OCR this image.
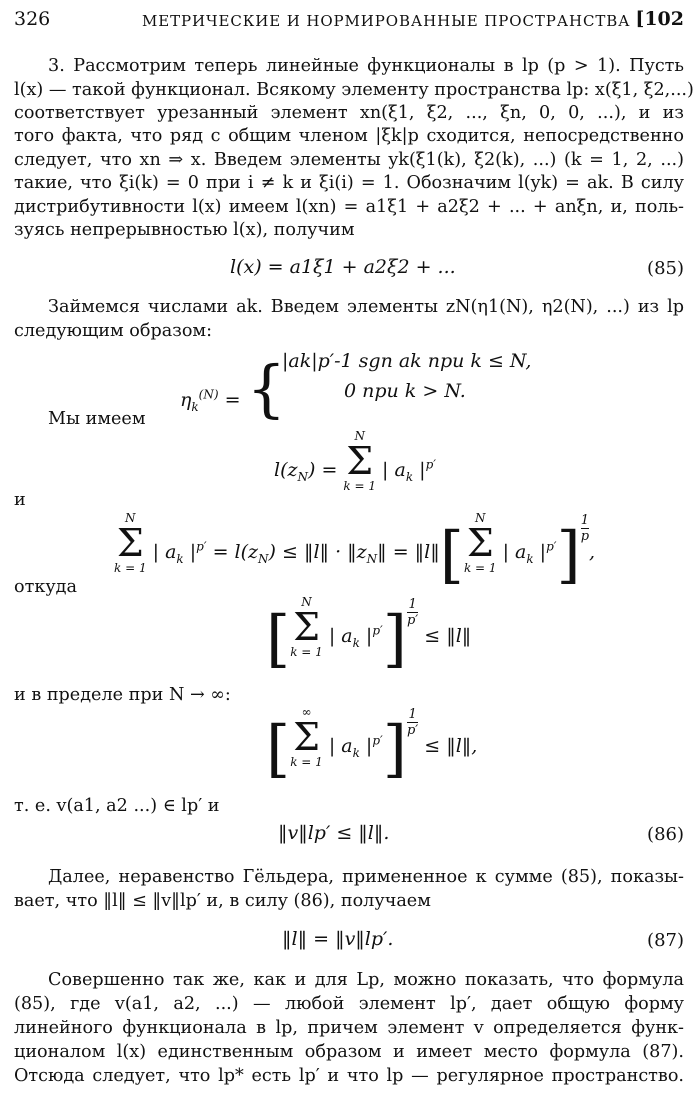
326	МЕТРИЧЕСКИЕ И НОРМИРОВАННЫЕ ПРОСТРАНСТВА [102
3. Рассмотрим теперь линейные функционалы в lp (p > 1). Пусть
l(x) — такой функционал. Всякому элементу пространства lp: x(ξ1, ξ2,...)
соответствует урезанный элемент xn(ξ1, ξ2, ..., ξn, 0, 0, ...), и из
того факта, что ряд с общим членом |ξk|p сходится, непосредственно
следует, что xn ⇒ x. Введем элементы yk(ξ1(k), ξ2(k), ...) (k = 1, 2, ...)
такие, что ξi(k) = 0 при i ≠ k и ξi(i) = 1. Обозначим l(yk) = ak. В силу
дистрибутивности l(x) имеем l(xn) = a1ξ1 + a2ξ2 + ... + anξn, и, поль-
зуясь непрерывностью l(x), получим
l(x) = a1ξ1 + a2ξ2 + ...	(85)
Займемся числами ak. Введем элементы zN(η1(N), η2(N), ...) из lp
следующим образом:
$\eta_k^{(N)}$ = {
|ak|p′-1 sgn ak при k ≤ N,
0 при k > N.
Мы имеем
$l(z_N)$ =
N
Σ
k = 1
| $a_k$ $|^{p'}$
и
N
Σ
k = 1
| $a_k$ $|^{p'} = l(z_N)$ ≤ ‖l‖ · $‖z_N‖$ = ‖l‖[ N
Σ
k = 1
| $a_k$ $|^{p'}]\frac{1}{p}$,
откуда
[ N
Σ
k = 1
| $a_k$ $|^{p'}]\frac{1}{p'}$ ≤ ‖l‖
и в пределе при N → ∞:
[ ∞
Σ
k = 1
| $a_k$ $|^{p'}]\frac{1}{p'}$ ≤ ‖l‖,
т. е. v(a1, a2 ...) ∈ lp′ и
‖v‖lp′ ≤ ‖l‖.	(86)
Далее, неравенство Гёльдера, примененное к сумме (85), показы-
вает, что ‖l‖ ≤ ‖v‖lp′ и, в силу (86), получаем
‖l‖ = ‖v‖lp′.	(87)
Совершенно так же, как и для Lp, можно показать, что формула
(85), где v(a1, a2, ...) — любой элемент lp′, дает общую форму
линейного функционала в lp, причем элемент v определяется функ-
ционалом l(x) единственным образом и имеет место формула (87).
Отсюда следует, что lp* есть lp′ и что lp — регулярное пространство.
